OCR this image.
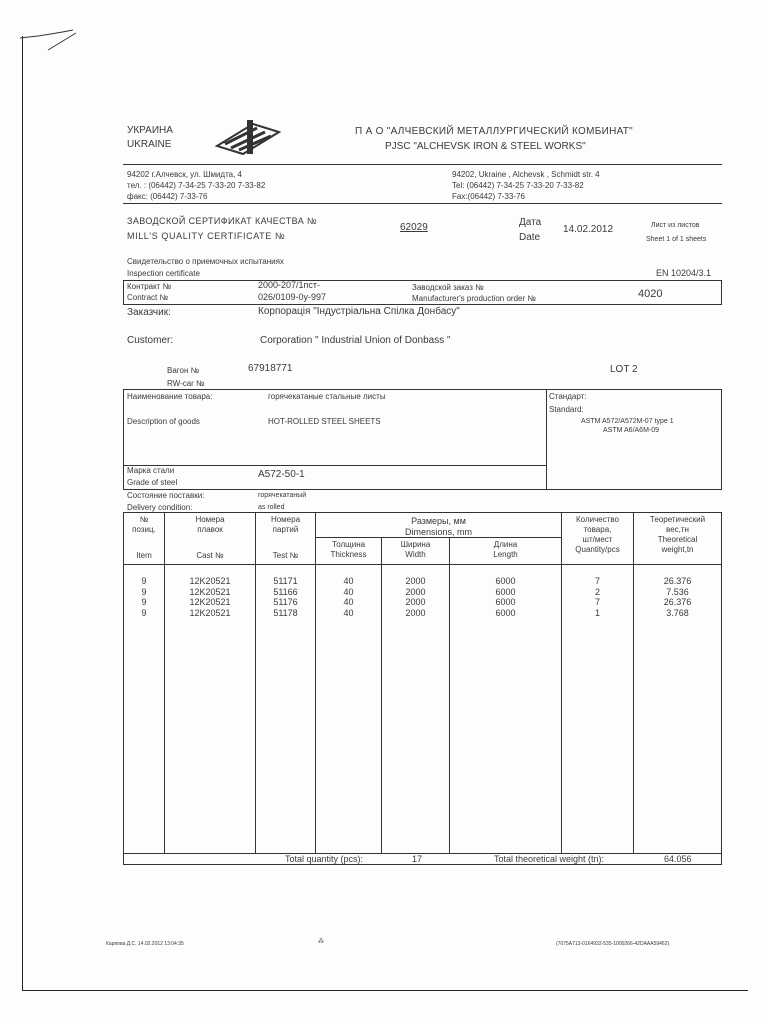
УКРАИНА
UKRAINE
П А О "АЛЧЕВСКИЙ МЕТАЛЛУРГИЧЕСКИЙ КОМБИНАТ"
PJSC "ALCHEVSK IRON & STEEL WORKS"
94202 г.Алчевск, ул. Шмидта, 4
тел. : (06442) 7-34-25 7-33-20 7-33-82
факс: (06442) 7-33-76
94202, Ukraine , Alchevsk , Schmidt str. 4
Tel: (06442) 7-34-25 7-33-20 7-33-82
Fax:(06442) 7-33-76
ЗАВОДСКОЙ СЕРТИФИКАТ КАЧЕСТВА №
MILL'S QUALITY CERTIFICATE №
62029	Дата
Date
14.02.2012	Лист из листов
Sheet 1 of 1 sheets
Свидетельство о приемочных испытаниях
Inspection certificate	EN 10204/3.1
Контракт №
Contract №
2000-207/1пст-
026/0109-0у-997
Заводской заказ №
Manufacturer's production order №	4020
Заказчик:	Корпорація "Індустріальна Спілка Донбасу"
Customer:	Corporation " Industrial Union of Donbass "
Вагон №	67918771
RW-car №
LOT 2
Наименование товара:	горячекатаные стальные листы
Description of goods	HOT-ROLLED STEEL SHEETS
Стандарт:
Standard:
ASTM A572/A572M-07 type 1
ASTM A6/A6M-09
Марка стали
Grade of steel
A572-50-1
Состояние поставки:	горячекатаный
Delivery condition:	as rolled
№
позиц.
Item
Номера
плавок
Cast №
Номера
партий
Test №
Размеры, мм
Dimensions, mm
Толщина
Thickness
Ширина
Width
Длина
Length
Количество
товара,
шт/мест
Quantity/pcs
Теоретический
вес,тн
Theoretical
weight,tn
9	12K20521	51171	40	2000	6000	7	26.376
9	12K20521	51166	40	2000	6000	2	7.536
9	12K20521	51176	40	2000	6000	7	26.376
9	12K20521	51178	40	2000	6000	1	3.768
Total quantity (pcs):	17	Total theoretical weight (tn):	64.056
Карпова Д.С. 14.02.2012 13:04:35	(7075A713-0164932-535-1000266-42DAAA59462)
⁂
